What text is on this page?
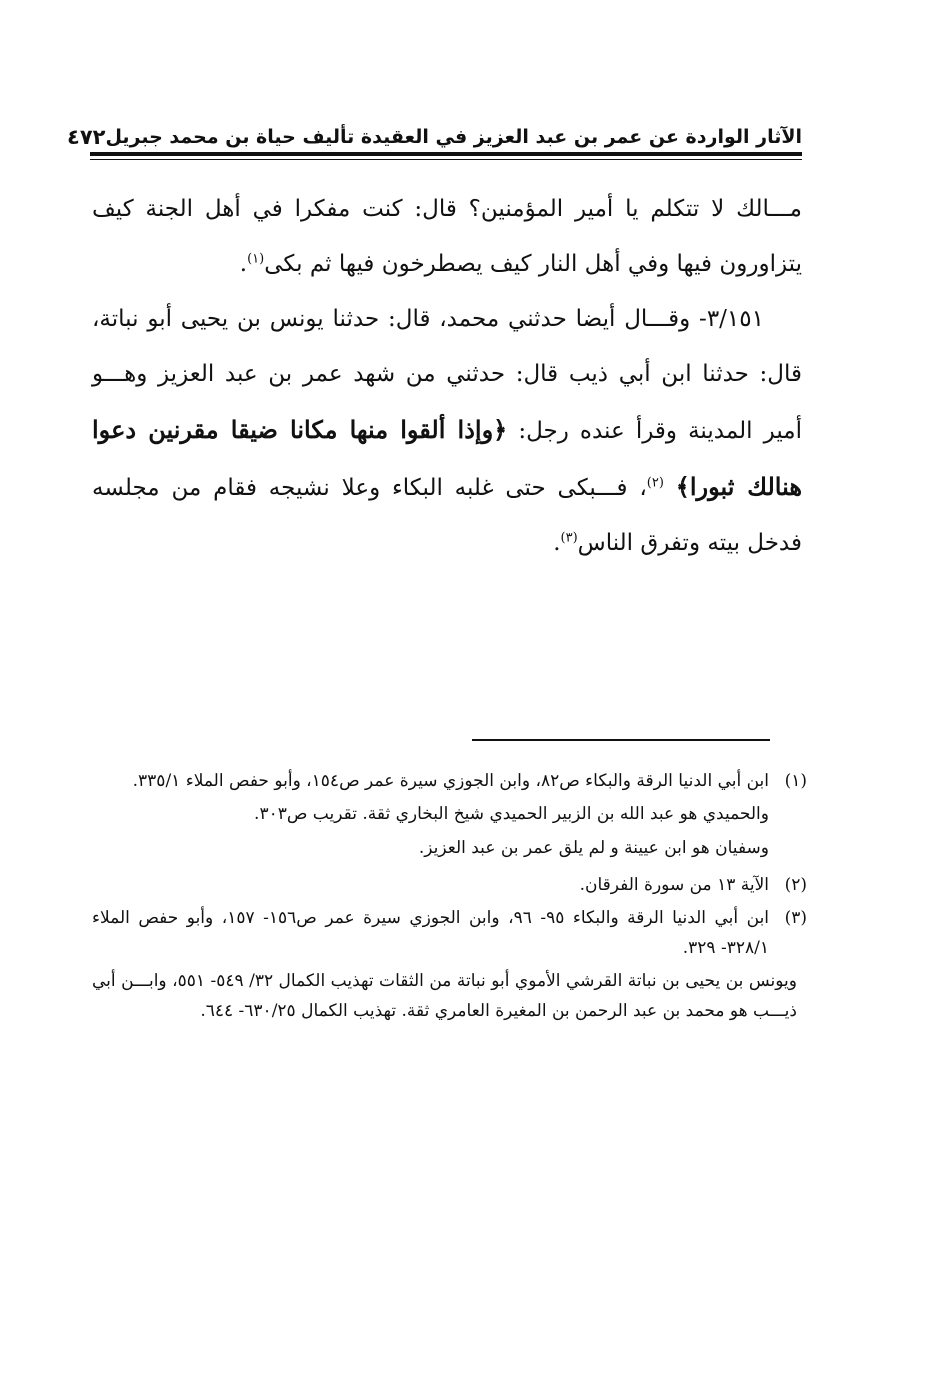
الآثار الواردة عن عمر بن عبد العزيز في العقيدة تأليف حياة بن محمد جبريل
٤٧٢

مـــالك لا تتكلم يا أمير المؤمنين؟ قال: كنت مفكرا في أهل الجنة كيف يتزاورون فيها وفي أهل النار كيف يصطرخون فيها ثم بكى$^{(١)}$.

٣/١٥١- وقـــال أيضا حدثني محمد، قال: حدثنا يونس بن يحيى أبو نباتة، قال: حدثنا ابن أبي ذيب قال: حدثني من شهد عمر بن عبد العزيز وهـــو أمير المدينة وقرأ عنده رجل: ﴿وإذا ألقوا منها مكانا ضيقا مقرنين دعوا هنالك ثبورا﴾ $^{(٢)}$، فـــبكى حتى غلبه البكاء وعلا نشيجه فقام من مجلسه فدخل بيته وتفرق الناس$^{(٣)}$.

(١)
ابن أبي الدنيا الرقة والبكاء ص٨٢، وابن الجوزي سيرة عمر ص١٥٤، وأبو حفص الملاء ٣٣٥/١.
والحميدي هو عبد الله بن الزبير الحميدي شيخ البخاري ثقة. تقريب ص٣٠٣.
وسفيان هو ابن عيينة و لم يلق عمر بن عبد العزيز.
(٢)
الآية ١٣ من سورة الفرقان.
(٣)
ابن أبي الدنيا الرقة والبكاء ٩٥- ٩٦، وابن الجوزي سيرة عمر ص١٥٦- ١٥٧، وأبو حفص الملاء ٣٢٨/١- ٣٢٩.
ويونس بن يحيى بن نباتة القرشي الأموي أبو نباتة من الثقات تهذيب الكمال ٣٢/ ٥٤٩- ٥٥١، وابـــن أبي ذيـــب هو محمد بن عبد الرحمن بن المغيرة العامري ثقة. تهذيب الكمال ٦٣٠/٢٥- ٦٤٤.
